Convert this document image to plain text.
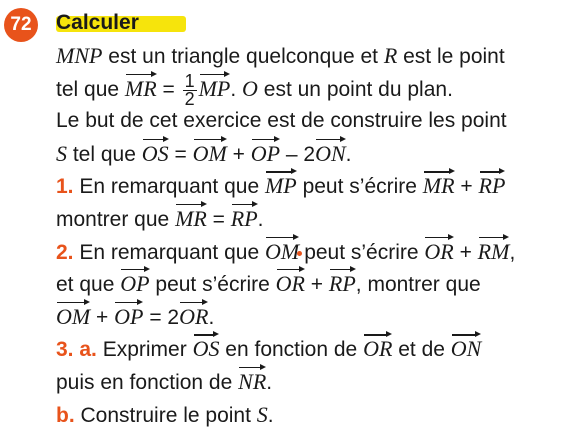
72	Calculer
MNP est un triangle quelconque et R est le point
tel que MR = $\frac{1}{2}$ MP. O est un point du plan.
Le but de cet exercice est de construire les point
S tel que OS = OM + OP – 2ON.
1. En remarquant que MP peut s’écrire MR + RP
montrer que MR = RP.
2. En remarquant que OM peut s’écrire OR + RM,
et que OP peut s’écrire OR + RP, montrer que
OM + OP = 2OR.
3. a. Exprimer OS en fonction de OR et de ON
puis en fonction de NR.
b. Construire le point S.
